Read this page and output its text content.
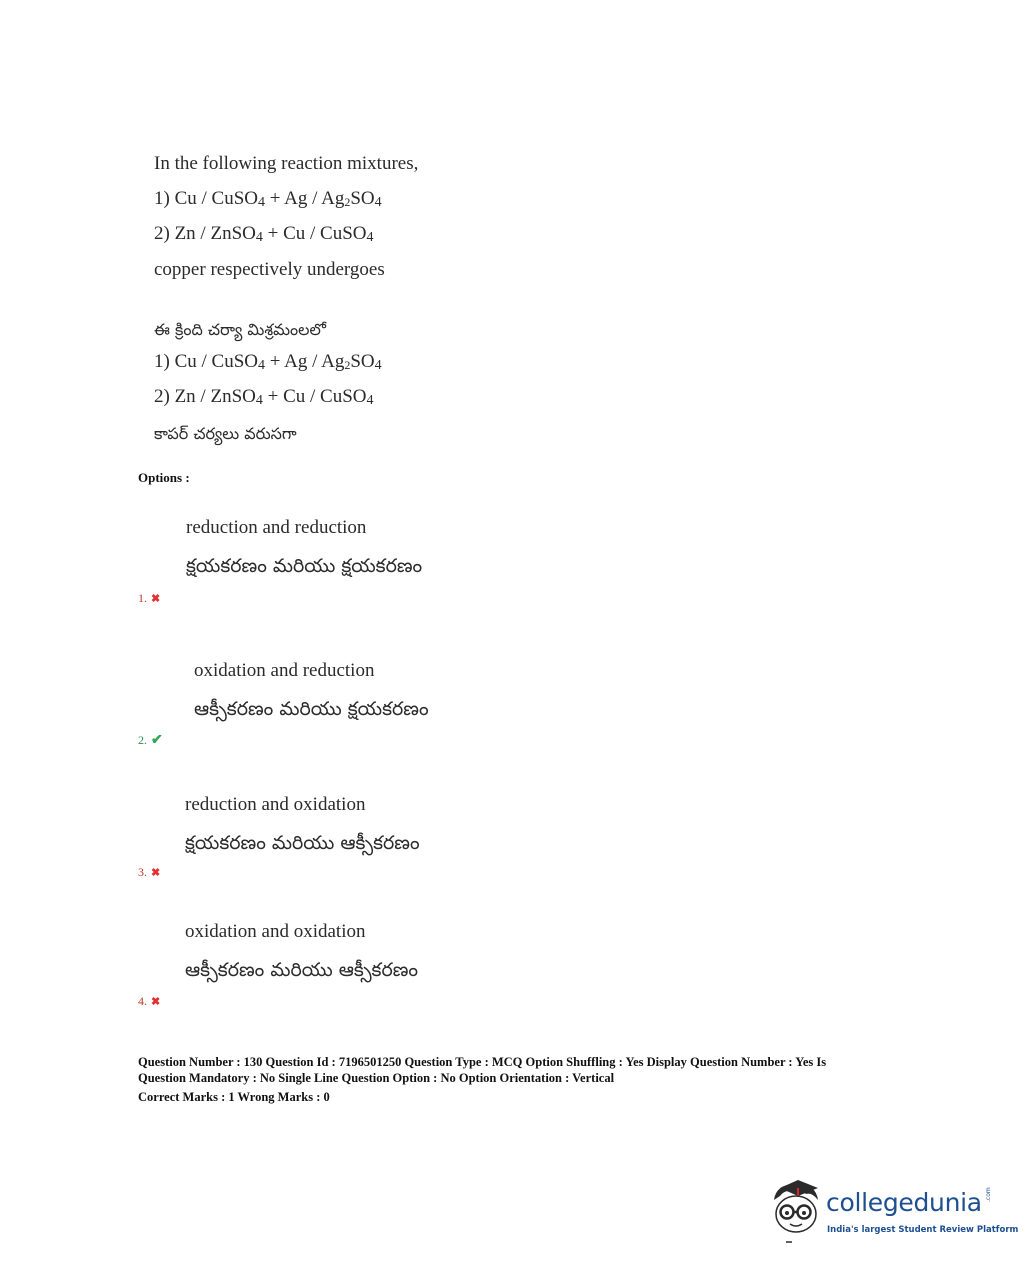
In the following reaction mixtures,
1) Cu / CuSO4 + Ag / Ag2SO4
2) Zn / ZnSO4 + Cu / CuSO4
copper respectively undergoes
ఈ క్రింది చర్యా మిశ్రమంలలో
1) Cu / CuSO4 + Ag / Ag2SO4
2) Zn / ZnSO4 + Cu / CuSO4
కాపర్ చర్యలు వరుసగా
Options :
reduction and reduction
క్షయకరణం మరియు క్షయకరణం
1. ✖
oxidation and reduction
ఆక్సీకరణం మరియు క్షయకరణం
2. ✔
reduction and oxidation
క్షయకరణం మరియు ఆక్సీకరణం
3. ✖
oxidation and oxidation
ఆక్సీకరణం మరియు ఆక్సీకరణం
4. ✖
Question Number : 130 Question Id : 7196501250 Question Type : MCQ Option Shuffling : Yes Display Question Number : Yes Is
Question Mandatory : No Single Line Question Option : No Option Orientation : Vertical
Correct Marks : 1 Wrong Marks : 0
collegedunia .com
India's largest Student Review Platform
